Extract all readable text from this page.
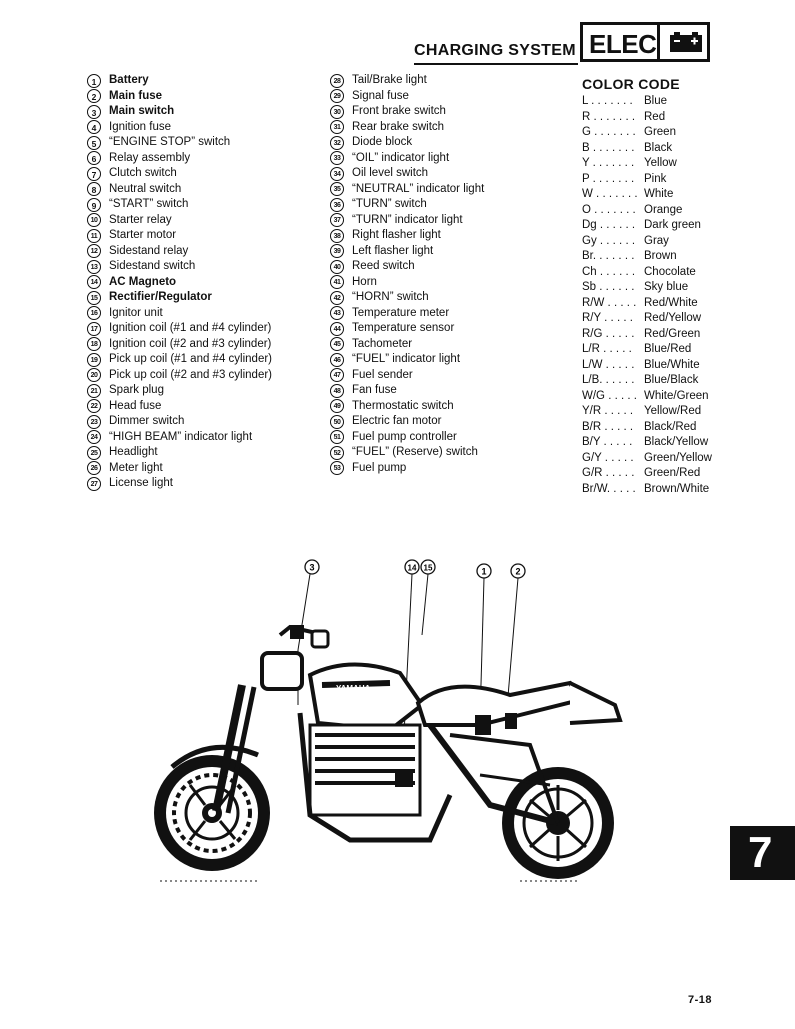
CHARGING SYSTEM ELEC
1 Battery
2 Main fuse
3 Main switch
4 Ignition fuse
5 “ENGINE STOP” switch
6 Relay assembly
7 Clutch switch
8 Neutral switch
9 “START” switch
10 Starter relay
11 Starter motor
12 Sidestand relay
13 Sidestand switch
14 AC Magneto
15 Rectifier/Regulator
16 Ignitor unit
17 Ignition coil (#1 and #4 cylinder)
18 Ignition coil (#2 and #3 cylinder)
19 Pick up coil (#1 and #4 cylinder)
20 Pick up coil (#2 and #3 cylinder)
21 Spark plug
22 Head fuse
23 Dimmer switch
24 “HIGH BEAM” indicator light
25 Headlight
26 Meter light
27 License light
28 Tail/Brake light
29 Signal fuse
30 Front brake switch
31 Rear brake switch
32 Diode block
33 “OIL” indicator light
34 Oil level switch
35 “NEUTRAL” indicator light
36 “TURN” switch
37 “TURN” indicator light
38 Right flasher light
39 Left flasher light
40 Reed switch
41 Horn
42 “HORN” switch
43 Temperature meter
44 Temperature sensor
45 Tachometer
46 “FUEL” indicator light
47 Fuel sender
48 Fan fuse
49 Thermostatic switch
50 Electric fan motor
51 Fuel pump controller
52 “FUEL” (Reserve) switch
53 Fuel pump
COLOR CODE
L . . . . . . . Blue
R . . . . . . . Red
G . . . . . . . Green
B . . . . . . . Black
Y . . . . . . . Yellow
P . . . . . . . Pink
W . . . . . . . White
O . . . . . . . Orange
Dg . . . . . . Dark green
Gy . . . . . . Gray
Br. . . . . . . Brown
Ch . . . . . . Chocolate
Sb . . . . . . Sky blue
R/W . . . . . Red/White
R/Y . . . . . Red/Yellow
R/G . . . . . Red/Green
L/R . . . . . Blue/Red
L/W . . . . . Blue/White
L/B. . . . . . Blue/Black
W/G . . . . . White/Green
Y/R . . . . . Yellow/Red
B/R . . . . . Black/Red
B/Y . . . . . Black/Yellow
G/Y . . . . . Green/Yellow
G/R . . . . . Green/Red
Br/W. . . . . Brown/White
3	14 15	1	2
YAMAHA
7
7-18
